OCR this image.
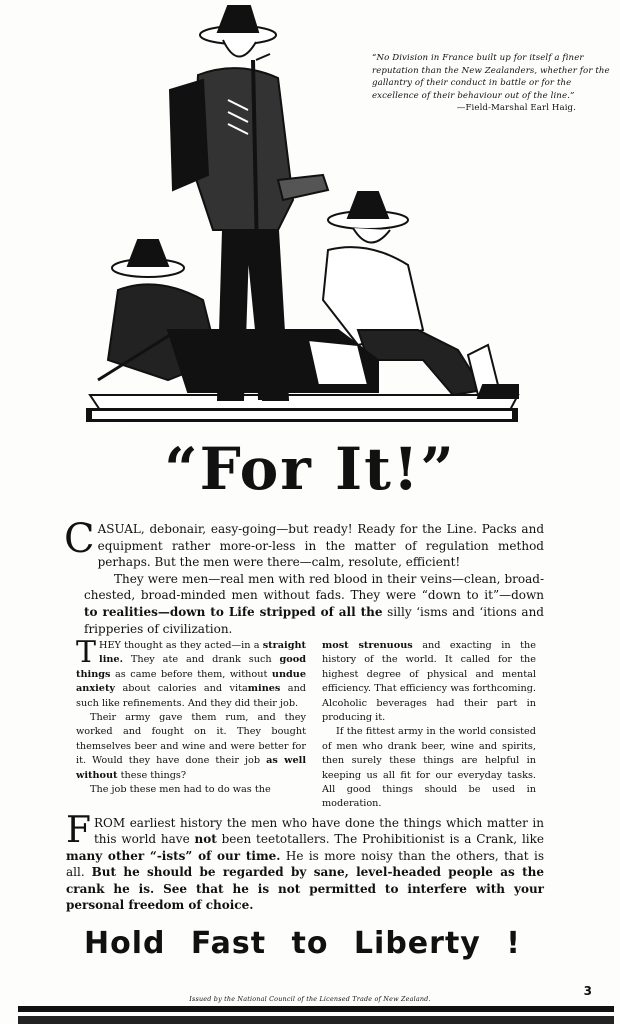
after LEIST.
“No Division in France built up for itself a finer reputation than the New Zealanders, whether for the gallantry of their conduct in battle or for the excellence of their behaviour out of the line.”
—Field-Marshal Earl Haig.
“For It!”

CASUAL, debonair, easy-going—but ready! Ready for the Line. Packs and equipment rather more-or-less in the matter of regulation method perhaps. But the men were there—calm, resolute, efficient!

They were men—real men with red blood in their veins—clean, broad-chested, broad-minded men without fads. They were “down to it”—down to realities—down to Life stripped of all the silly ‘isms and ‘itions and fripperies of civilization.

THEY thought as they acted—in a straight line. They ate and drank such good things as came before them, without undue anxiety about calories and vitamines and such like refinements. And they did their job.

Their army gave them rum, and they worked and fought on it. They bought themselves beer and wine and were better for it. Would they have done their job as well without these things?

The job these men had to do was the

most strenuous and exacting in the history of the world. It called for the highest degree of physical and mental efficiency. That efficiency was forthcoming. Alcoholic beverages had their part in producing it.

If the fittest army in the world consisted of men who drank beer, wine and spirits, then surely these things are helpful in keeping us all fit for our everyday tasks. All good things should be used in moderation.

FROM earliest history the men who have done the things which matter in this world have not been teetotallers. The Prohibitionist is a Crank, like many other “-ists” of our time. He is more noisy than the others, that is all. But he should be regarded by sane, level-headed people as the crank he is. See that he is not permitted to interfere with your personal freedom of choice.

Hold Fast to Liberty !
Issued by the National Council of the Licensed Trade of New Zealand.
3
